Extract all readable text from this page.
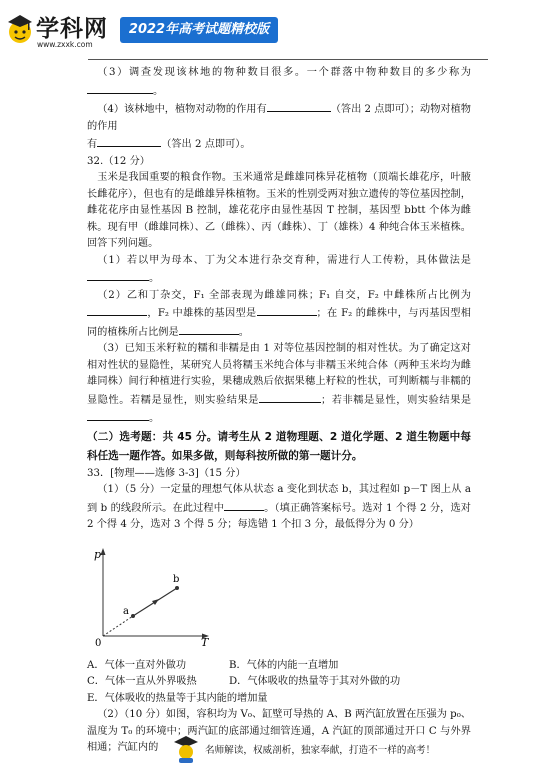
学科网
www.zxxk.com
2022年高考试题精校版

（3）调查发现该林地的物种数目很多。一个群落中物种数目的多少称为。

（4）该林地中，植物对动物的作用有	（答出 2 点即可）；动物对植物的作用

有	（答出 2 点即可）。

32.（12 分）

玉米是我国重要的粮食作物。玉米通常是雌雄同株异花植物（顶端长雄花序，叶腋长雌花序），但也有的是雌雄异株植物。玉米的性别受两对独立遗传的等位基因控制，雌花花序由显性基因 B 控制，雄花花序由显性基因 T 控制，基因型 bbtt 个体为雌株。现有甲（雌雄同株）、乙（雌株）、丙（雌株）、丁（雄株）4 种纯合体玉米植株。回答下列问题。

（1）若以甲为母本、丁为父本进行杂交育种，需进行人工传粉，具体做法是。

（2）乙和丁杂交，F₁ 全部表现为雌雄同株；F₁ 自交，F₂ 中雌株所占比例为，F₂ 中雄株的基因型是	；在 F₂ 的雌株中，与丙基因型相同的植株所占比例是	。

（3）已知玉米籽粒的糯和非糯是由 1 对等位基因控制的相对性状。为了确定这对相对性状的显隐性，某研究人员将糯玉米纯合体与非糯玉米纯合体（两种玉米均为雌雄同株）间行种植进行实验，果穗成熟后依据果穗上籽粒的性状，可判断糯与非糯的显隐性。若糯是显性，则实验结果是	；若非糯是显性，则实验结果是。

（二）选考题：共 45 分。请考生从 2 道物理题、2 道化学题、2 道生物题中每科任选一题作答。如果多做，则每科按所做的第一题计分。

33．[物理——选修 3-3]（15 分）

（1）（5 分）一定量的理想气体从状态 a 变化到状态 b，其过程如 p－T 图上从 a 到 b 的线段所示。在此过程中	。（填正确答案标号。选对 1 个得 2 分，选对 2 个得 4 分，选对 3 个得 5 分；每选错 1 个扣 3 分，最低得分为 0 分）

p
T
0
a
b
A．气体一直对外做功	B．气体的内能一直增加
C．气体一直从外界吸热	D．气体吸收的热量等于其对外做的功

E．气体吸收的热量等于其内能的增加量

（2）（10 分）如图，容积均为 V₀、缸壁可导热的 A、B 两汽缸放置在压强为 p₀、温度为 T₀ 的环境中；两汽缸的底部通过细管连通，A 汽缸的顶部通过开口 C 与外界相通；汽缸内的	名师解读，权威剖析，独家奉献，打造不一样的高考！
